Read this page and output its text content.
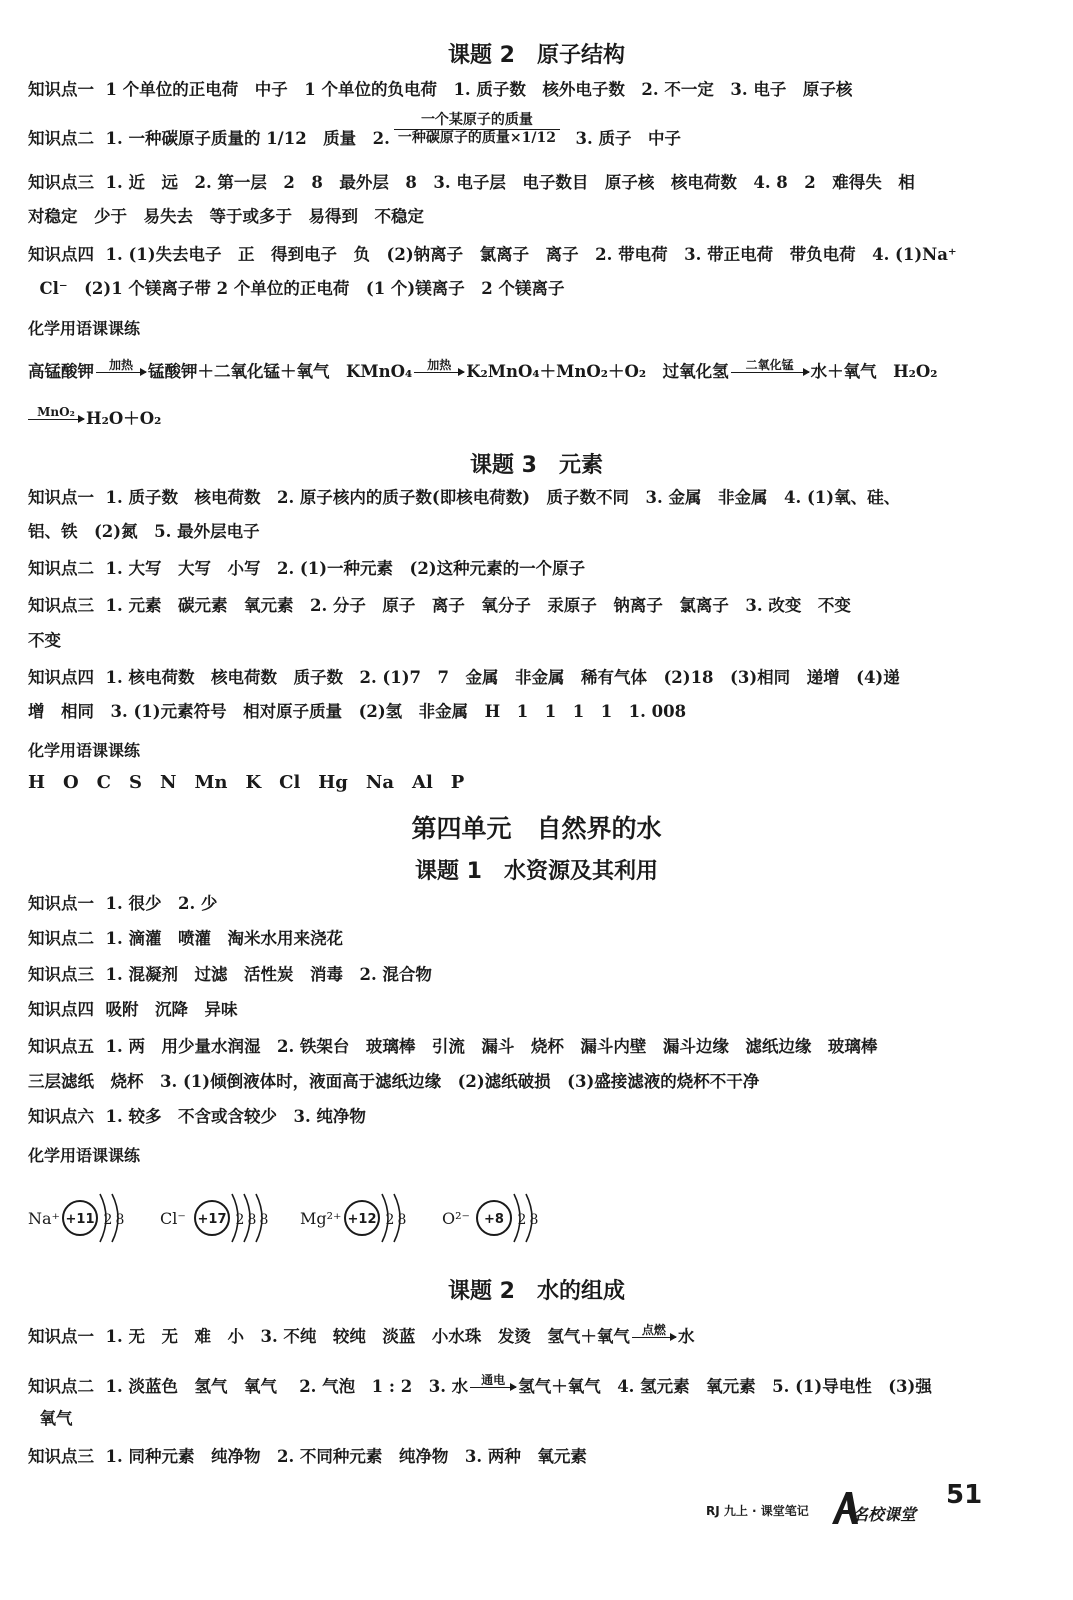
课题 2　原子结构
知识点一  1 个单位的正电荷　中子　1 个单位的负电荷　1. 质子数　核外电子数　2. 不一定　3. 电子　原子核
知识点二  1. 一种碳原子质量的 1/12　质量　2. $\frac{\text{一个某原子的质量}}{\text{一种碳原子的质量×1/12}} 3$. 质子　中子
知识点三  1. 近　远　2. 第一层　2　8　最外层　8　3. 电子层　电子数目　原子核　核电荷数　4. 8　2　难得失　相
对稳定　少于　易失去　等于或多于　易得到　不稳定
知识点四  1. (1)失去电子　正　得到电子　负　(2)钠离子　氯离子　离子　2. 带电荷　3. 带正电荷　带负电荷　4. (1)Na⁺
Cl⁻　(2)1 个镁离子带 2 个单位的正电荷　(1 个)镁离子　2 个镁离子
化学用语课课练
高锰酸钾	加热 锰酸钾＋二氧化锰＋氧气　KMnO₄	加热 K₂MnO₄＋MnO₂＋O₂　过氧化氢	二氧化锰	水＋氧气　H₂O₂
MnO₂ H₂O＋O₂
课题 3　元素
知识点一  1. 质子数　核电荷数　2. 原子核内的质子数(即核电荷数)　质子数不同　3. 金属　非金属　4. (1)氧、硅、
铝、铁　(2)氮　5. 最外层电子
知识点二  1. 大写　大写　小写　2. (1)一种元素　(2)这种元素的一个原子
知识点三  1. 元素　碳元素　氧元素　2. 分子　原子　离子　氧分子　汞原子　钠离子　氯离子　3. 改变　不变
不变
知识点四  1. 核电荷数　核电荷数　质子数　2. (1)7　7　金属　非金属　稀有气体　(2)18　(3)相同　递增　(4)递
增　相同　3. (1)元素符号　相对原子质量　(2)氢　非金属　H　1　1　1　1　1. 008
化学用语课课练
H　O　C　S　N　Mn　K　Cl　Hg　Na　Al　P
第四单元　自然界的水
课题 1　水资源及其利用
知识点一  1. 很少　2. 少
知识点二  1. 滴灌　喷灌　淘米水用来浇花
知识点三  1. 混凝剂　过滤　活性炭　消毒　2. 混合物
知识点四  吸附　沉降　异味
知识点五  1. 两　用少量水润湿　2. 铁架台　玻璃棒　引流　漏斗　烧杯　漏斗内壁　漏斗边缘　滤纸边缘　玻璃棒
三层滤纸　烧杯　3. (1)倾倒液体时，液面高于滤纸边缘　(2)滤纸破损　(3)盛接滤液的烧杯不干净
知识点六  1. 较多　不含或含较少　3. 纯净物
化学用语课课练
Na⁺ +11 2 8 Cl⁻ +17 2 8 8 Mg²⁺ +12 2 8 O²⁻ +8 2 8
课题 2　水的组成
知识点一  1. 无　无　难　小　3. 不纯　较纯　淡蓝　小水珠　发烫　氢气＋氧气 点燃 水
知识点二  1. 淡蓝色　氢气　氧气　 2. 气泡　1 : 2　3. 水	通电 氢气＋氧气　4. 氢元素　氧元素　5. (1)导电性　(3)强
氧气
知识点三  1. 同种元素　纯净物　2. 不同种元素　纯净物　3. 两种　氧元素
RJ 九上 · 课堂笔记	名校课堂
51
